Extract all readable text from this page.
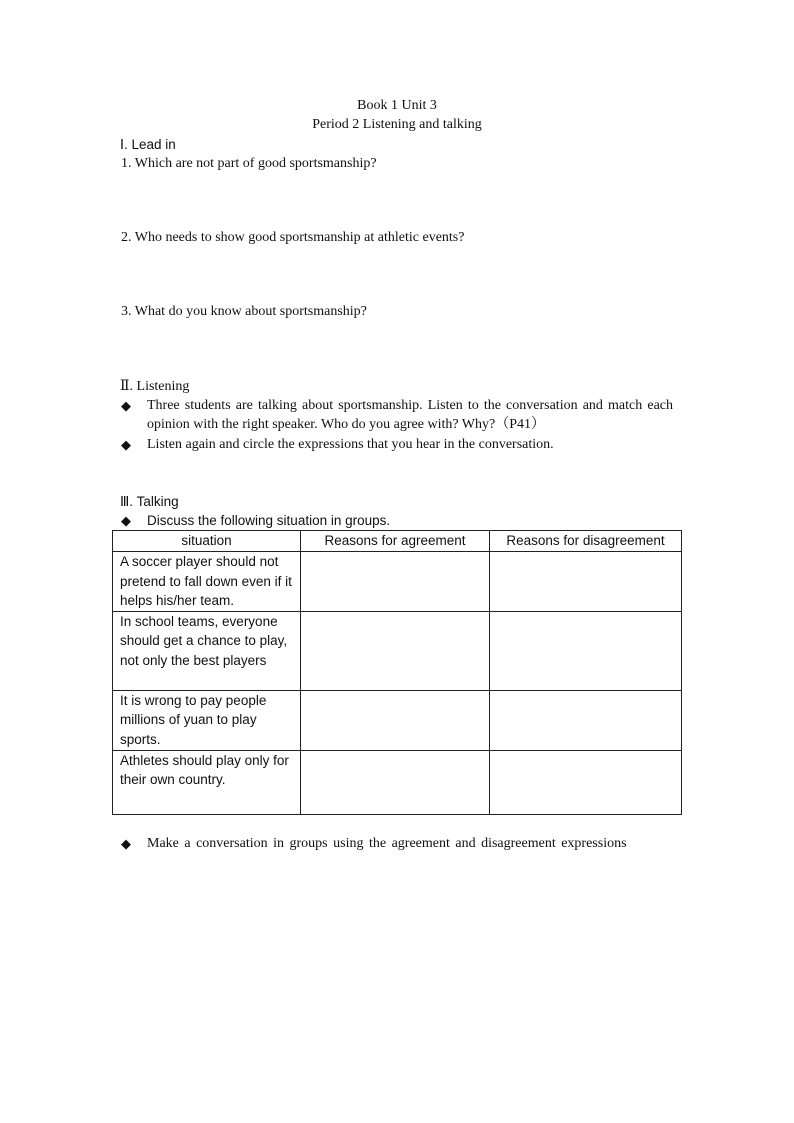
Book 1 Unit 3
Period 2 Listening and talking
Ⅰ. Lead in
1. Which are not part of good sportsmanship?
2. Who needs to show good sportsmanship at athletic events?
3. What do you know about sportsmanship?
Ⅱ. Listening
◆ Three students are talking about sportsmanship. Listen to the conversation and match each opinion with the right speaker. Who do you agree with? Why?（P41）
◆ Listen again and circle the expressions that you hear in the conversation.
Ⅲ. Talking
◆ Discuss the following situation in groups.
situation	Reasons for agreement	Reasons for disagreement
A soccer player should not pretend to fall down even if it helps his/her team.		
In school teams, everyone should get a chance to play, not only the best players		
It is wrong to pay people millions of yuan to play sports.		
Athletes should play only for their own country.		
◆ Make a conversation in groups using the agreement and disagreement expressions
